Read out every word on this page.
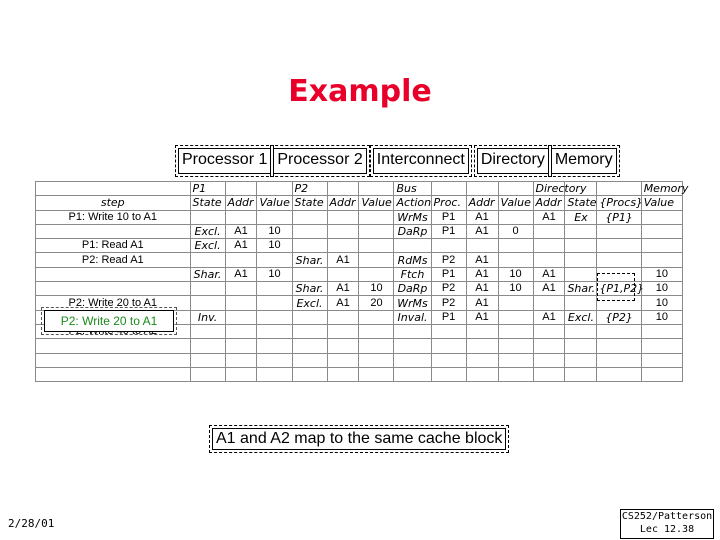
Example
Processor 1 Processor 2 Interconnect Directory Memory
	P1			P2			Bus				Directory			Memory
step	State	Addr	Value	State	Addr	Value	Action	Proc.	Addr	Value	Addr	State	{Procs}	Value
P1: Write 10 to A1							WrMs	P1	A1		A1	Ex	{P1}	
	Excl.	A1	10				DaRp	P1	A1	0				
P1: Read A1	Excl.	A1	10											
P2: Read A1				Shar.	A1		RdMs	P2	A1					
	Shar.	A1	10				Ftch	P1	A1	10	A1			10
				Shar.	A1	10	DaRp	P2	A1	10	A1	Shar.	{P1,P2}	10
P2: Write 20 to A1				Excl.	A1	20	WrMs	P2	A1					10
	Inv.						Inval.	P1	A1		A1	Excl.	{P2}	10

P2: Write 20 to A1
A1 and A2 map to the same cache block
2/28/01
CS252/Patterson
Lec 12.38
